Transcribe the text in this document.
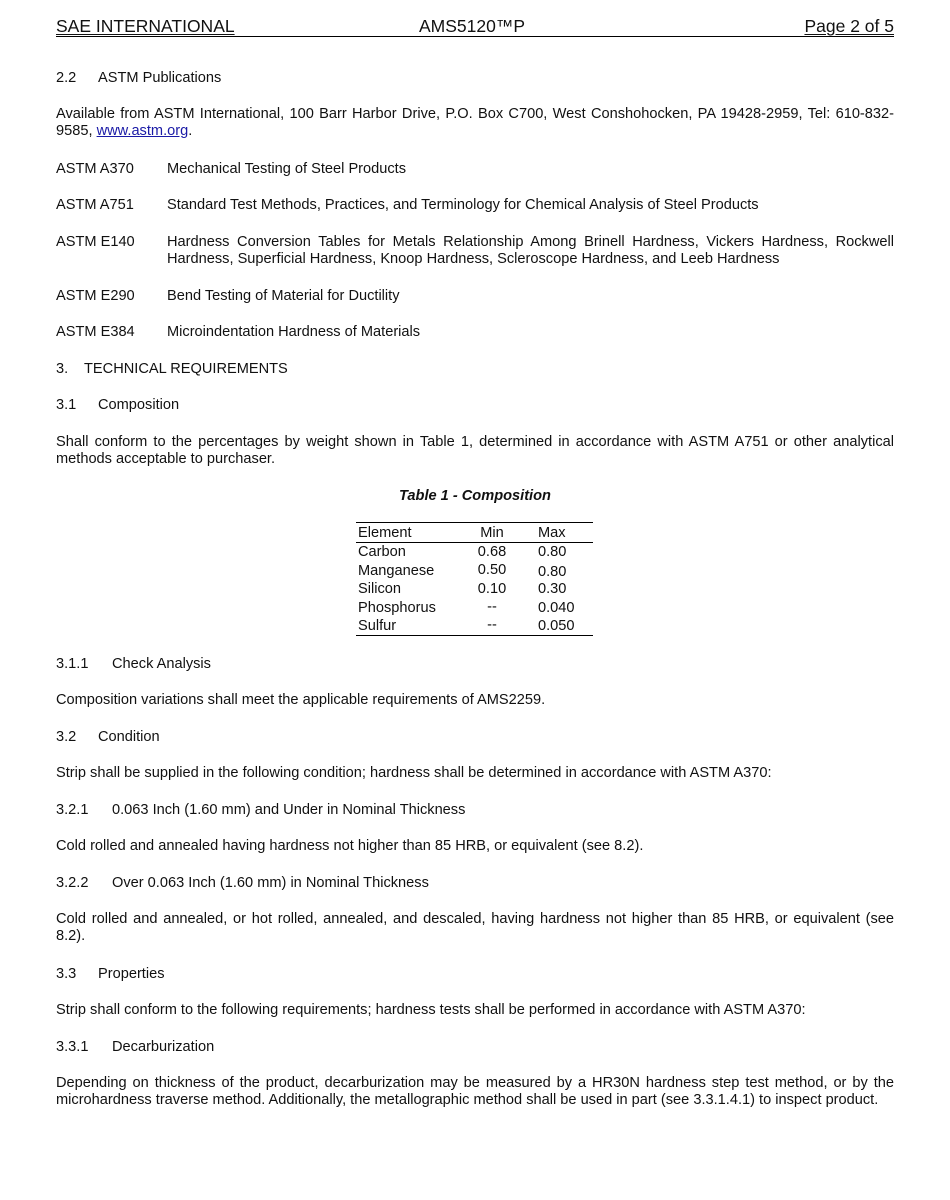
SAE INTERNATIONAL	AMS5120™P	Page 2 of 5
2.2 ASTM Publications
Available from ASTM International, 100 Barr Harbor Drive, P.O. Box C700, West Conshohocken, PA 19428-2959, Tel: 610-832-9585, www.astm.org.
ASTM A370 Mechanical Testing of Steel Products
ASTM A751 Standard Test Methods, Practices, and Terminology for Chemical Analysis of Steel Products
ASTM E140 Hardness Conversion Tables for Metals Relationship Among Brinell Hardness, Vickers Hardness, Rockwell Hardness, Superficial Hardness, Knoop Hardness, Scleroscope Hardness, and Leeb Hardness
ASTM E290 Bend Testing of Material for Ductility
ASTM E384 Microindentation Hardness of Materials
3. TECHNICAL REQUIREMENTS
3.1 Composition
Shall conform to the percentages by weight shown in Table 1, determined in accordance with ASTM A751 or other analytical methods acceptable to purchaser.
Table 1 - Composition
Element	Min	Max
Carbon	0.68	0.80
Manganese	0.50	0.80
Silicon	0.10	0.30
Phosphorus	--	0.040
Sulfur	--	0.050
3.1.1 Check Analysis
Composition variations shall meet the applicable requirements of AMS2259.
3.2 Condition
Strip shall be supplied in the following condition; hardness shall be determined in accordance with ASTM A370:
3.2.1 0.063 Inch (1.60 mm) and Under in Nominal Thickness
Cold rolled and annealed having hardness not higher than 85 HRB, or equivalent (see 8.2).
3.2.2 Over 0.063 Inch (1.60 mm) in Nominal Thickness
Cold rolled and annealed, or hot rolled, annealed, and descaled, having hardness not higher than 85 HRB, or equivalent (see 8.2).
3.3 Properties
Strip shall conform to the following requirements; hardness tests shall be performed in accordance with ASTM A370:
3.3.1 Decarburization
Depending on thickness of the product, decarburization may be measured by a HR30N hardness step test method, or by the microhardness traverse method. Additionally, the metallographic method shall be used in part (see 3.3.1.4.1) to inspect product.
